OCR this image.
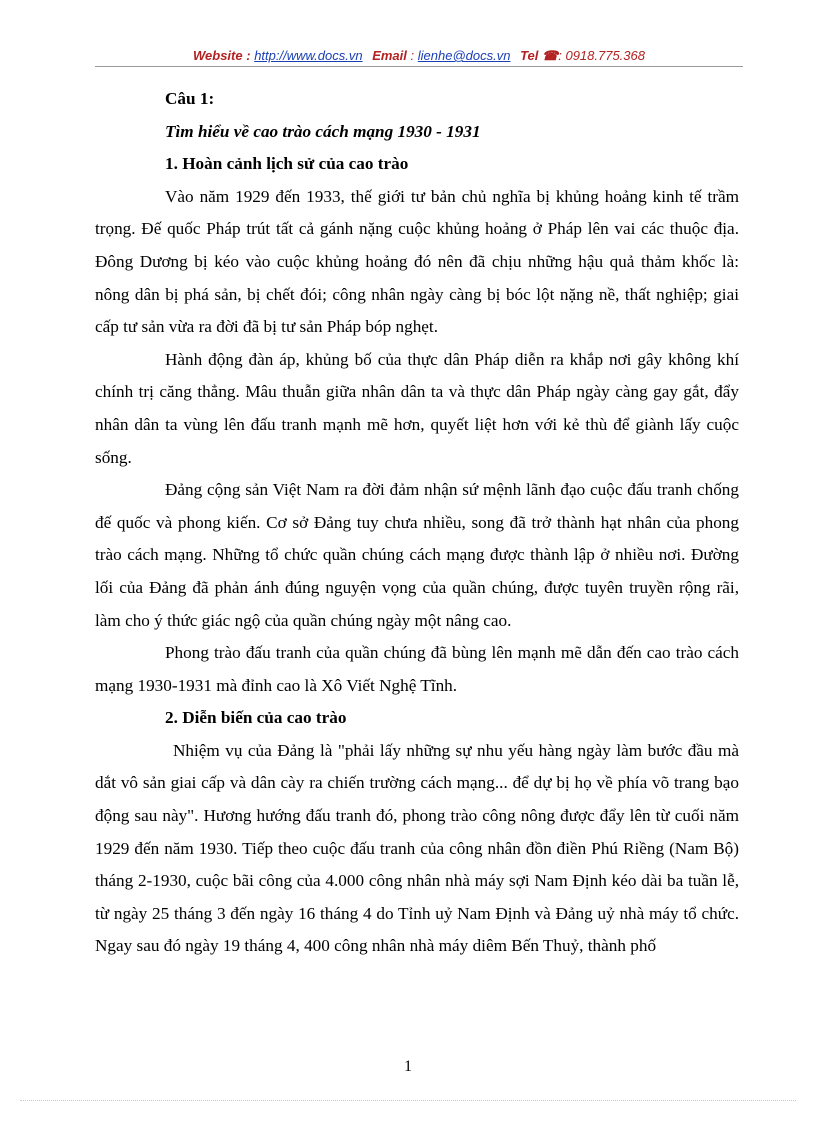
Website : http://www.docs.vn Email : lienhe@docs.vn Tel ☎: 0918.775.368

Câu 1:

Tìm hiểu về cao trào cách mạng 1930 - 1931

1. Hoàn cảnh lịch sử của cao trào

Vào năm 1929 đến 1933, thế giới tư bản chủ nghĩa bị khủng hoảng kinh tế trầm trọng. Đế quốc Pháp trút tất cả gánh nặng cuộc khủng hoảng ở Pháp lên vai các thuộc địa. Đông Dương bị kéo vào cuộc khủng hoảng đó nên đã chịu những hậu quả thảm khốc là: nông dân bị phá sản, bị chết đói; công nhân ngày càng bị bóc lột nặng nề, thất nghiệp; giai cấp tư sản vừa ra đời đã bị tư sản Pháp bóp nghẹt.

Hành động đàn áp, khủng bố của thực dân Pháp diễn ra khắp nơi gây không khí chính trị căng thẳng. Mâu thuẫn giữa nhân dân ta và thực dân Pháp ngày càng gay gắt, đẩy nhân dân ta vùng lên đấu tranh mạnh mẽ hơn, quyết liệt hơn với kẻ thù để giành lấy cuộc sống.

Đảng cộng sản Việt Nam ra đời đảm nhận sứ mệnh lãnh đạo cuộc đấu tranh chống đế quốc và phong kiến. Cơ sở Đảng tuy chưa nhiều, song đã trở thành hạt nhân của phong trào cách mạng. Những tổ chức quần chúng cách mạng được thành lập ở nhiều nơi. Đường lối của Đảng đã phản ánh đúng nguyện vọng của quần chúng, được tuyên truyền rộng rãi, làm cho ý thức giác ngộ của quần chúng ngày một nâng cao.

Phong trào đấu tranh của quần chúng đã bùng lên mạnh mẽ dẫn đến cao trào cách mạng 1930-1931 mà đỉnh cao là Xô Viết Nghệ Tĩnh.

2. Diễn biến của cao trào

Nhiệm vụ của Đảng là "phải lấy những sự nhu yếu hàng ngày làm bước đầu mà dắt vô sản giai cấp và dân cày ra chiến trường cách mạng... để dự bị họ về phía võ trang bạo động sau này". Hương hướng đấu tranh đó, phong trào công nông được đẩy lên từ cuối năm 1929 đến năm 1930. Tiếp theo cuộc đấu tranh của công nhân đồn điền Phú Riềng (Nam Bộ) tháng 2-1930, cuộc bãi công của 4.000 công nhân nhà máy sợi Nam Định kéo dài ba tuần lễ, từ ngày 25 tháng 3 đến ngày 16 tháng 4 do Tỉnh uỷ Nam Định và Đảng uỷ nhà máy tổ chức. Ngay sau đó ngày 19 tháng 4, 400 công nhân nhà máy diêm Bến Thuỷ, thành phố

1
